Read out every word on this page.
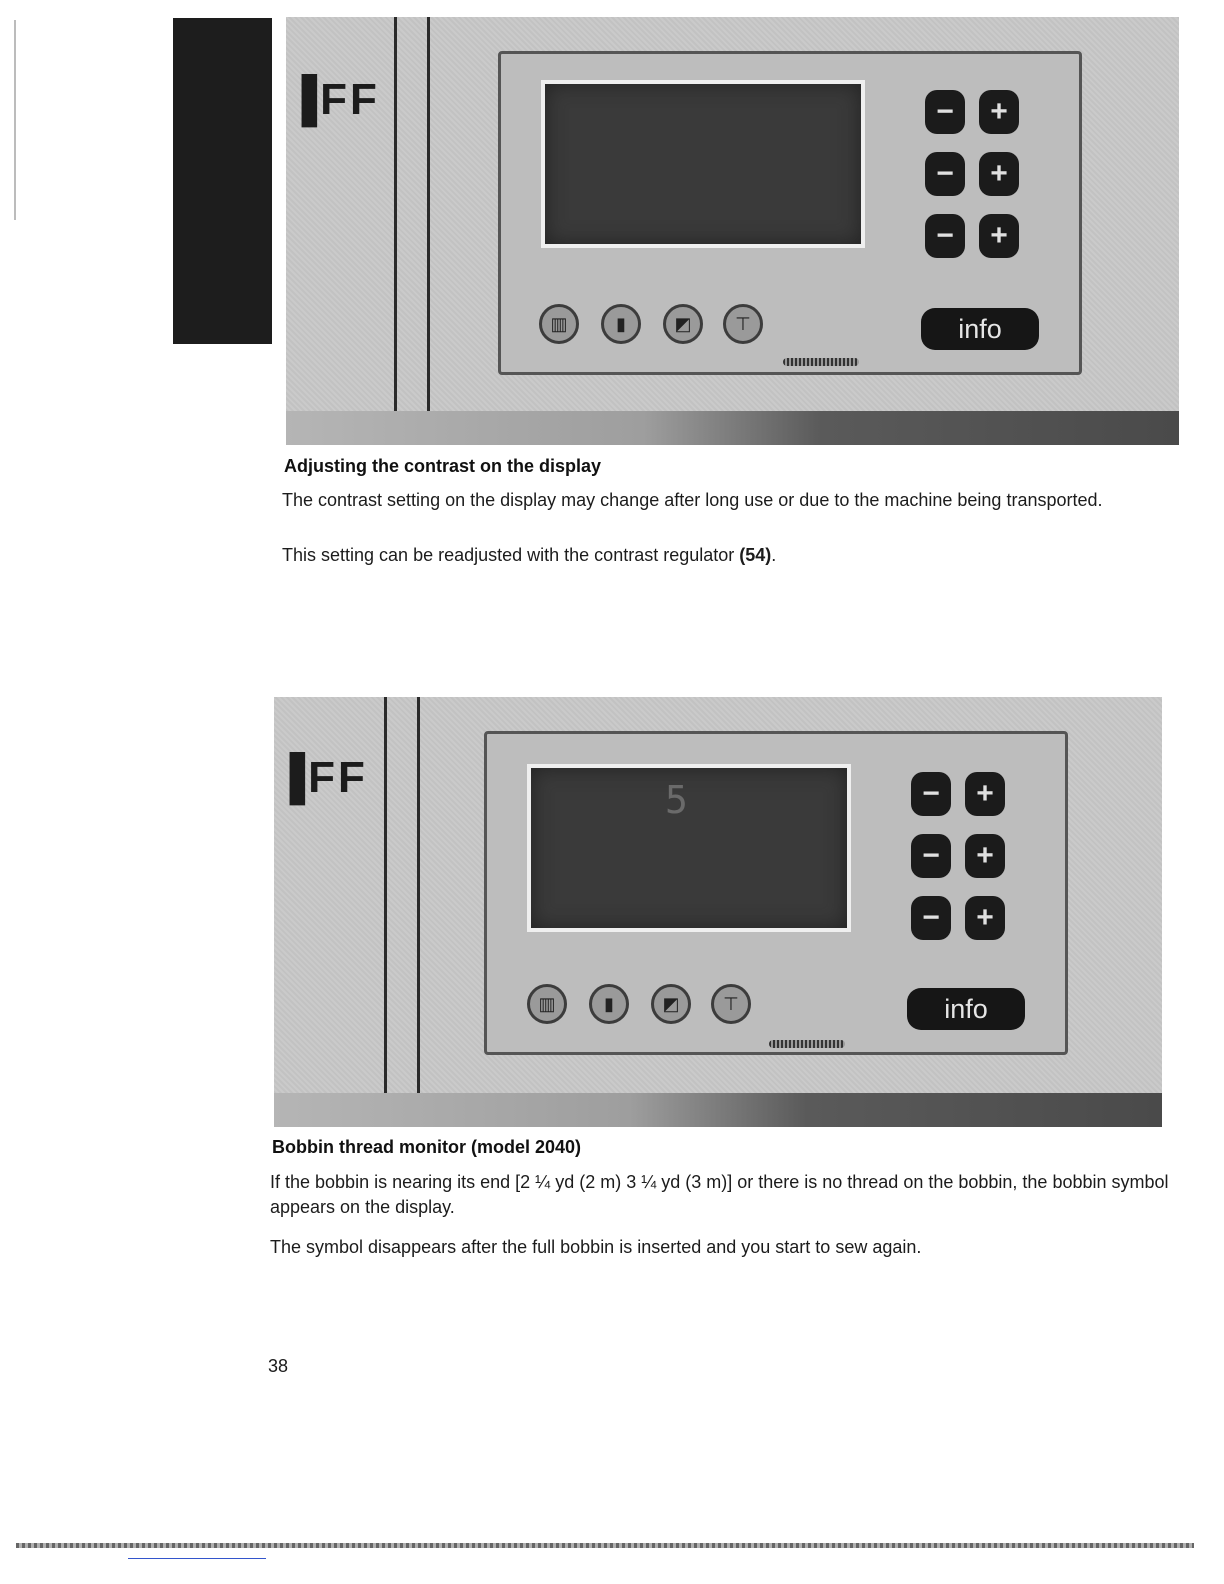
▐FF	−	+
−	+
−	+
▥	▮	◩	⊤	info
Adjusting the contrast on the display
The contrast setting on the display may change after long use or due to the machine being transported.
This setting can be readjusted with the contrast regulator (54).
▐FF	5	−	+
−	+
−	+
▥	▮	◩	⊤	info
Bobbin thread monitor (model 2040)
If the bobbin is nearing its end [2 ¼ yd (2 m) 3 ¼ yd (3 m)] or there is no thread on the bobbin, the bobbin symbol appears on the display.
The symbol disappears after the full bobbin is inserted and you start to sew again.
38
